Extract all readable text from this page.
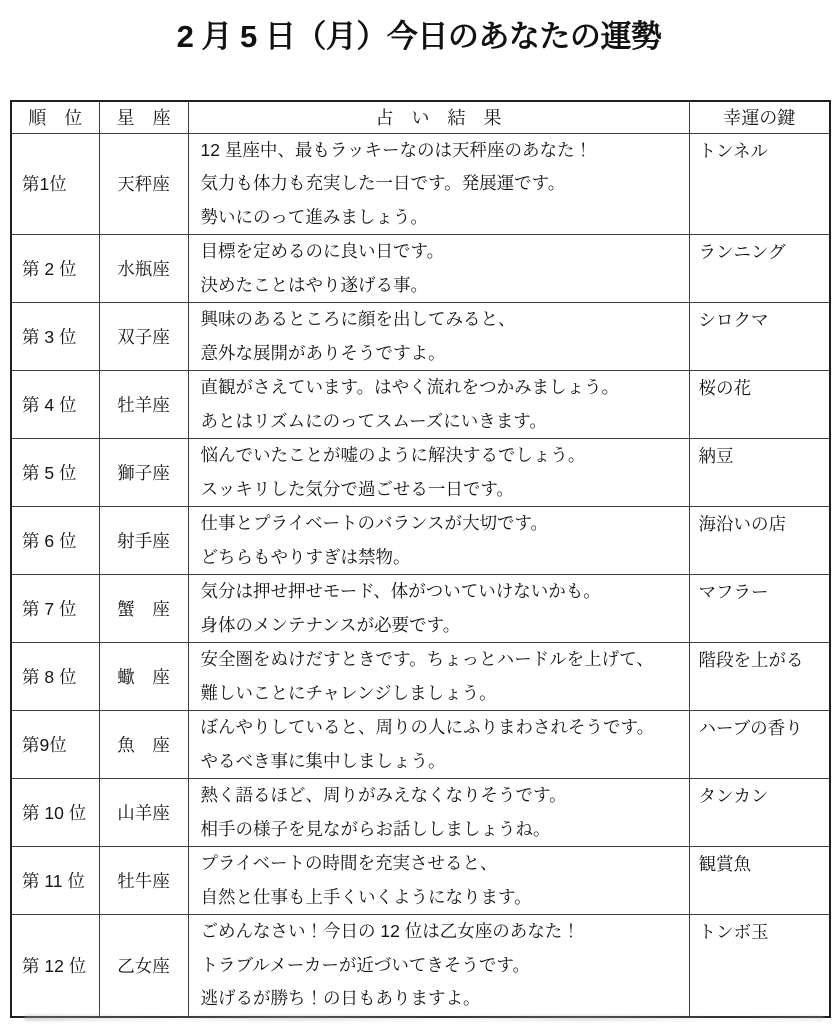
2 月 5 日（月）今日のあなたの運勢
順　位	星　座	占　い　結　果	幸運の鍵
第1位	天秤座	12 星座中、最もラッキーなのは天秤座のあなた！
気力も体力も充実した一日です。発展運です。
勢いにのって進みましょう。	トンネル
第 2 位	水瓶座	目標を定めるのに良い日です。
決めたことはやり遂げる事。	ランニング
第 3 位	双子座	興味のあるところに顔を出してみると、
意外な展開がありそうですよ。	シロクマ
第 4 位	牡羊座	直観がさえています。はやく流れをつかみましょう。
あとはリズムにのってスムーズにいきます。	桜の花
第 5 位	獅子座	悩んでいたことが嘘のように解決するでしょう。
スッキリした気分で過ごせる一日です。	納豆
第 6 位	射手座	仕事とプライベートのバランスが大切です。
どちらもやりすぎは禁物。	海沿いの店
第 7 位	蟹　座	気分は押せ押せモード、体がついていけないかも。
身体のメンテナンスが必要です。	マフラー
第 8 位	蠍　座	安全圏をぬけだすときです。ちょっとハードルを上げて、
難しいことにチャレンジしましょう。	階段を上がる
第9位	魚　座	ぼんやりしていると、周りの人にふりまわされそうです。
やるべき事に集中しましょう。	ハーブの香り
第 10 位	山羊座	熱く語るほど、周りがみえなくなりそうです。
相手の様子を見ながらお話ししましょうね。	タンカン
第 11 位	牡牛座	プライベートの時間を充実させると、
自然と仕事も上手くいくようになります。	観賞魚
第 12 位	乙女座	ごめんなさい！今日の 12 位は乙女座のあなた！
トラブルメーカーが近づいてきそうです。
逃げるが勝ち！の日もありますよ。	トンボ玉
